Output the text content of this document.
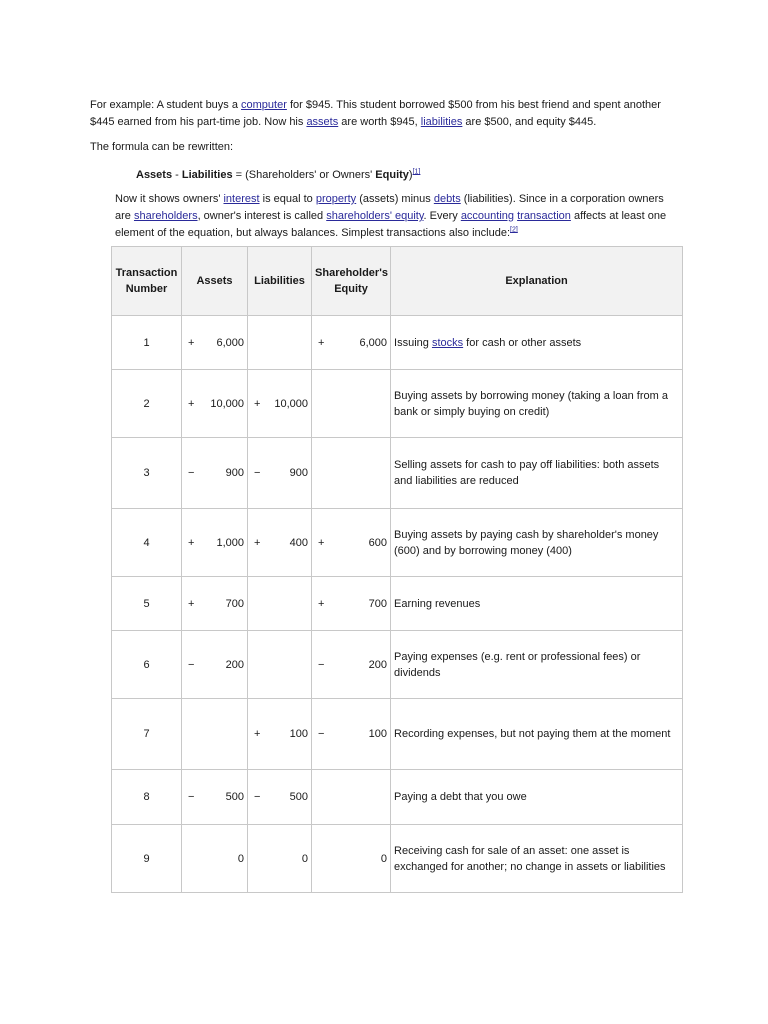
For example: A student buys a computer for $945. This student borrowed $500 from his best friend and spent another $445 earned from his part-time job. Now his assets are worth $945, liabilities are $500, and equity $445.

The formula can be rewritten:
Assets - Liabilities = (Shareholders' or Owners' Equity)[1]
Now it shows owners' interest is equal to property (assets) minus debts (liabilities). Since in a corporation owners are shareholders, owner's interest is called shareholders' equity. Every accounting transaction affects at least one element of the equation, but always balances. Simplest transactions also include:[2]
Transaction Number	Assets		Liabilities		Shareholder's Equity		Explanation
1	+	6,000			+	6,000	Issuing stocks for cash or other assets
2	+	10,000	+	10,000			Buying assets by borrowing money (taking a loan from a bank or simply buying on credit)
3	−	900	−	900			Selling assets for cash to pay off liabilities: both assets and liabilities are reduced
4	+	1,000	+	400	+	600	Buying assets by paying cash by shareholder's money (600) and by borrowing money (400)
5	+	700			+	700	Earning revenues
6	−	200			−	200	Paying expenses (e.g. rent or professional fees) or dividends
7			+	100	−	100	Recording expenses, but not paying them at the moment
8	−	500	−	500			Paying a debt that you owe
9		0		0		0	Receiving cash for sale of an asset: one asset is exchanged for another; no change in assets or liabilities
